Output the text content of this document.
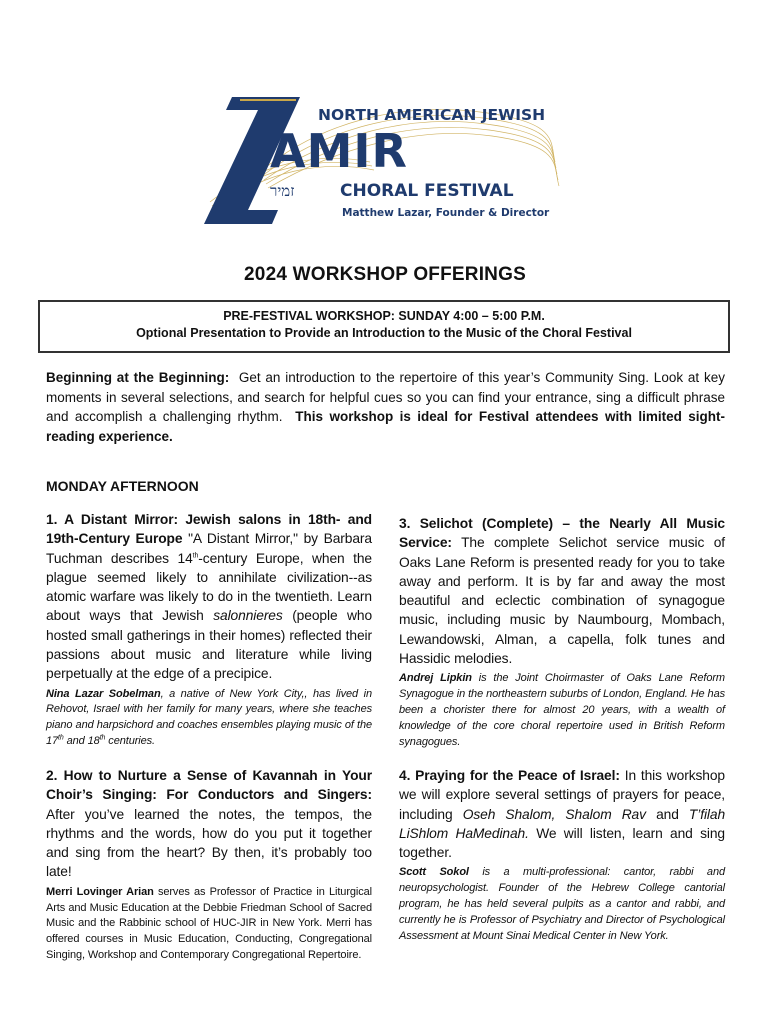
NORTH AMERICAN JEWISH
AMIR
זמיר	CHORAL FESTIVAL
Matthew Lazar, Founder & Director
2024 WORKSHOP OFFERINGS
PRE-FESTIVAL WORKSHOP: SUNDAY 4:00 – 5:00 P.M.
Optional Presentation to Provide an Introduction to the Music of the Choral Festival
Beginning at the Beginning: Get an introduction to the repertoire of this year’s Community Sing. Look at key moments in several selections, and search for helpful cues so you can find your entrance, sing a difficult phrase and accomplish a challenging rhythm. This workshop is ideal for Festival attendees with limited sight-reading experience.
MONDAY AFTERNOON
1. A Distant Mirror: Jewish salons in 18th- and 19th-Century Europe "A Distant Mirror," by Barbara Tuchman describes 14th-century Europe, when the plague seemed likely to annihilate civilization--as atomic warfare was likely to do in the twentieth. Learn about ways that Jewish salonnieres (people who hosted small gatherings in their homes) reflected their passions about music and literature while living perpetually at the edge of a precipice.
Nina Lazar Sobelman, a native of New York City,, has lived in Rehovot, Israel with her family for many years, where she teaches piano and harpsichord and coaches ensembles playing music of the 17th and 18th centuries.
3. Selichot (Complete) – the Nearly All Music Service: The complete Selichot service music of Oaks Lane Reform is presented ready for you to take away and perform. It is by far and away the most beautiful and eclectic combination of synagogue music, including music by Naumbourg, Mombach, Lewandowski, Alman, a capella, folk tunes and Hassidic melodies.
Andrej Lipkin is the Joint Choirmaster of Oaks Lane Reform Synagogue in the northeastern suburbs of London, England. He has been a chorister there for almost 20 years, with a wealth of knowledge of the core choral repertoire used in British Reform synagogues.
2. How to Nurture a Sense of Kavannah in Your Choir’s Singing: For Conductors and Singers: After you’ve learned the notes, the tempos, the rhythms and the words, how do you put it together and sing from the heart? By then, it’s probably too late!
Merri Lovinger Arian serves as Professor of Practice in Liturgical Arts and Music Education at the Debbie Friedman School of Sacred Music and the Rabbinic school of HUC-JIR in New York. Merri has offered courses in Music Education, Conducting, Congregational Singing, Workshop and Contemporary Congregational Repertoire.
4. Praying for the Peace of Israel: In this workshop we will explore several settings of prayers for peace, including Oseh Shalom, Shalom Rav and T’filah LiShlom HaMedinah. We will listen, learn and sing together.
Scott Sokol is a multi-professional: cantor, rabbi and neuropsychologist. Founder of the Hebrew College cantorial program, he has held several pulpits as a cantor and rabbi, and currently he is Professor of Psychiatry and Director of Psychological Assessment at Mount Sinai Medical Center in New York.
